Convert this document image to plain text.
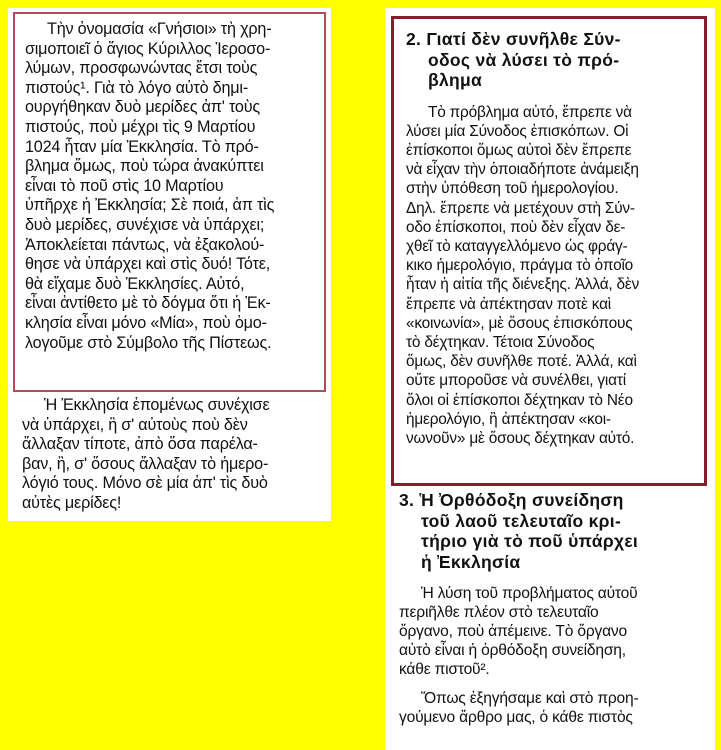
Τὴν ὀνομασία «Γνήσιοι» τὴ χρη-
σιμοποιεῖ ὁ ἅγιος Κύριλλος Ἱεροσο-
λύμων, προσφωνώντας ἔτσι τοὺς
πιστούς¹. Γιὰ τὸ λόγο αὐτὸ δημι-
ουργήθηκαν δυὸ μερίδες ἀπ' τοὺς
πιστούς, ποὺ μέχρι τὶς 9 Μαρτίου
1024 ἦταν μία Ἐκκλησία. Τὸ πρό-
βλημα ὅμως, ποὺ τώρα ἀνακύπτει
εἶναι τὸ ποῦ στὶς 10 Μαρτίου
ὑπῆρχε ἡ Ἐκκλησία; Σὲ ποιά, ἀπ τὶς
δυὸ μερίδες, συνέχισε νὰ ὑπάρχει;
Ἀποκλείεται πάντως, νὰ ἐξακολού-
θησε νὰ ὑπάρχει καὶ στὶς δυό! Τότε,
θὰ εἴχαμε δυὸ Ἐκκλησίες. Αὐτό,
εἶναι ἀντίθετο μὲ τὸ δόγμα ὅτι ἡ Ἐκ-
κλησία εἶναι μόνο «Μία», ποὺ ὁμο-
λογοῦμε στὸ Σύμβολο τῆς Πίστεως.

Ἡ Ἐκκλησία ἑπομένως συνέχισε
νὰ ὑπάρχει, ἢ σ' αὐτοὺς ποὺ δὲν
ἄλλαξαν τίποτε, ἀπὸ ὅσα παρέλα-
βαν, ἢ, σ' ὅσους ἄλλαξαν τὸ ἡμερο-
λόγιό τους. Μόνο σὲ μία ἀπ' τὶς δυὸ
αὐτὲς μερίδες!

2. Γιατί δὲν συνῆλθε Σύν-
οδος νὰ λύσει τὸ πρό-
βλημα

Τὸ πρόβλημα αὐτό, ἔπρεπε νὰ
λύσει μία Σύνοδος ἐπισκόπων. Οἱ
ἐπίσκοποι ὅμως αὐτοὶ δὲν ἔπρεπε
νὰ εἶχαν τὴν ὁποιαδήποτε ἀνάμειξη
στὴν ὑπόθεση τοῦ ἡμερολογίου.
Δηλ. ἔπρεπε νὰ μετέχουν στὴ Σύν-
οδο ἐπίσκοποι, ποὺ δὲν εἶχαν δε-
χθεῖ τὸ καταγγελλόμενο ὡς φράγ-
κικο ἡμερολόγιο, πράγμα τὸ ὁποῖο
ἦταν ἡ αἰτία τῆς διένεξης. Ἀλλά, δὲν
ἔπρεπε νὰ ἀπέκτησαν ποτὲ καὶ
«κοινωνία», μὲ ὅσους ἐπισκόπους
τὸ δέχτηκαν. Τέτοια Σύνοδος
ὅμως, δὲν συνῆλθε ποτέ. Ἀλλά, καὶ
οὔτε μποροῦσε νὰ συνέλθει, γιατί
ὅλοι οἱ ἐπίσκοποι δέχτηκαν τὸ Νέο
ἡμερολόγιο, ἢ ἀπέκτησαν «κοι-
νωνοῦν» μὲ ὅσους δέχτηκαν αὐτό.

3. Ἡ Ὀρθόδοξη συνείδηση
τοῦ λαοῦ τελευταῖο κρι-
τήριο γιὰ τὸ ποῦ ὑπάρχει
ἡ Ἐκκλησία

Ἡ λύση τοῦ προβλήματος αὐτοῦ
περιῆλθε πλέον στὸ τελευταῖο
ὄργανο, ποὺ ἀπέμεινε. Τὸ ὄργανο
αὐτὸ εἶναι ἡ ὀρθόδοξη συνείδηση,
κάθε πιστοῦ².

Ὅπως ἐξηγήσαμε καὶ στὸ προη-
γούμενο ἄρθρο μας, ὁ κάθε πιστὸς
